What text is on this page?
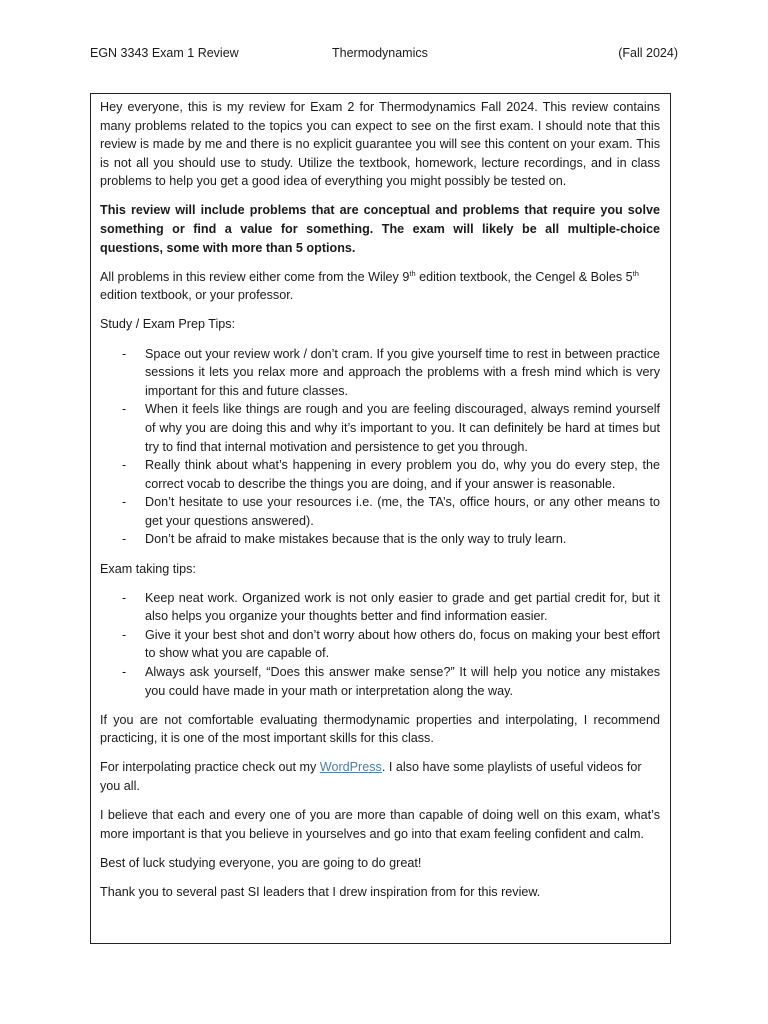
EGN 3343 Exam 1 Review	Thermodynamics	(Fall 2024)

Hey everyone, this is my review for Exam 2 for Thermodynamics Fall 2024. This review contains many problems related to the topics you can expect to see on the first exam. I should note that this review is made by me and there is no explicit guarantee you will see this content on your exam. This is not all you should use to study. Utilize the textbook, homework, lecture recordings, and in class problems to help you get a good idea of everything you might possibly be tested on.

This review will include problems that are conceptual and problems that require you solve something or find a value for something. The exam will likely be all multiple-choice questions, some with more than 5 options.

All problems in this review either come from the Wiley 9th edition textbook, the Cengel & Boles 5th edition textbook, or your professor.

Study / Exam Prep Tips:

- Space out your review work / don’t cram. If you give yourself time to rest in between practice sessions it lets you relax more and approach the problems with a fresh mind which is very important for this and future classes.
- When it feels like things are rough and you are feeling discouraged, always remind yourself of why you are doing this and why it’s important to you. It can definitely be hard at times but try to find that internal motivation and persistence to get you through.
- Really think about what’s happening in every problem you do, why you do every step, the correct vocab to describe the things you are doing, and if your answer is reasonable.
- Don’t hesitate to use your resources i.e. (me, the TA’s, office hours, or any other means to get your questions answered).
- Don’t be afraid to make mistakes because that is the only way to truly learn.

Exam taking tips:

- Keep neat work. Organized work is not only easier to grade and get partial credit for, but it also helps you organize your thoughts better and find information easier.
- Give it your best shot and don’t worry about how others do, focus on making your best effort to show what you are capable of.
- Always ask yourself, “Does this answer make sense?” It will help you notice any mistakes you could have made in your math or interpretation along the way.

If you are not comfortable evaluating thermodynamic properties and interpolating, I recommend practicing, it is one of the most important skills for this class.

For interpolating practice check out my WordPress. I also have some playlists of useful videos for you all.

I believe that each and every one of you are more than capable of doing well on this exam, what’s more important is that you believe in yourselves and go into that exam feeling confident and calm.

Best of luck studying everyone, you are going to do great!

Thank you to several past SI leaders that I drew inspiration from for this review.
